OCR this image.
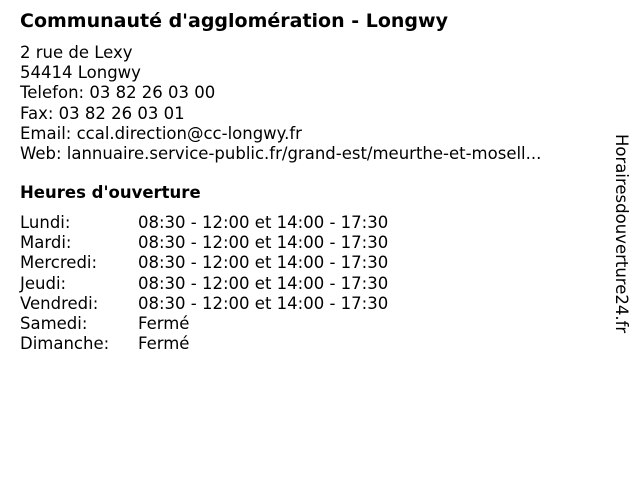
Communauté d'agglomération - Longwy
2 rue de Lexy
54414 Longwy
Telefon: 03 82 26 03 00
Fax: 03 82 26 03 01
Email: ccal.direction@cc-longwy.fr
Web: lannuaire.service-public.fr/grand-est/meurthe-et-mosell...
Heures d'ouverture
Lundi:	08:30 - 12:00 et 14:00 - 17:30
Mardi:	08:30 - 12:00 et 14:00 - 17:30
Mercredi: 08:30 - 12:00 et 14:00 - 17:30
Jeudi:	08:30 - 12:00 et 14:00 - 17:30
Vendredi: 08:30 - 12:00 et 14:00 - 17:30
Samedi:	Fermé
Dimanche: Fermé
Horairesdouverture24.fr
